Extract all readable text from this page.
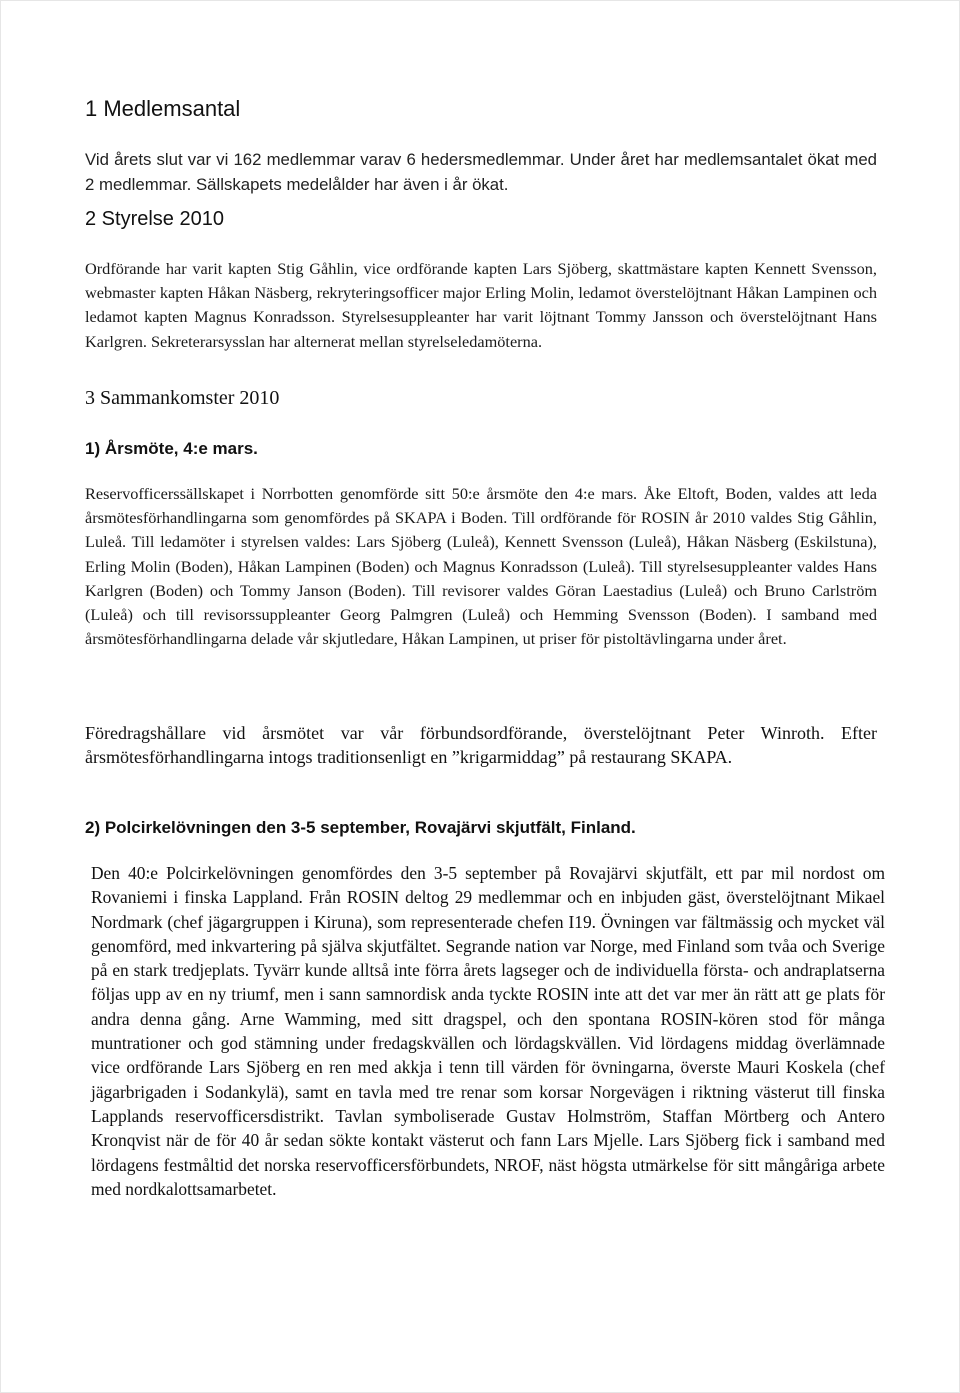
1 Medlemsantal

Vid årets slut var vi 162 medlemmar varav 6 hedersmedlemmar. Under året har medlemsantalet ökat med 2 medlemmar. Sällskapets medelålder har även i år ökat.

2 Styrelse 2010

Ordförande har varit kapten Stig Gåhlin, vice ordförande kapten Lars Sjöberg, skattmästare kapten Kennett Svensson, webmaster kapten Håkan Näsberg, rekryteringsofficer major Erling Molin, ledamot överstelöjtnant Håkan Lampinen och ledamot kapten Magnus Konradsson. Styrelsesuppleanter har varit löjtnant Tommy Jansson och överstelöjtnant Hans Karlgren. Sekreterarsysslan har alternerat mellan styrelseledamöterna.

3 Sammankomster 2010

1) Årsmöte, 4:e mars.

Reservofficerssällskapet i Norrbotten genomförde sitt 50:e årsmöte den 4:e mars. Åke Eltoft, Boden, valdes att leda årsmötesförhandlingarna som genomfördes på SKAPA i Boden. Till ordförande för ROSIN år 2010 valdes Stig Gåhlin, Luleå. Till ledamöter i styrelsen valdes: Lars Sjöberg (Luleå), Kennett Svensson (Luleå), Håkan Näsberg (Eskilstuna), Erling Molin (Boden), Håkan Lampinen (Boden) och Magnus Konradsson (Luleå). Till styrelsesuppleanter valdes Hans Karlgren (Boden) och Tommy Janson (Boden). Till revisorer valdes Göran Laestadius (Luleå) och Bruno Carlström (Luleå) och till revisorssuppleanter Georg Palmgren (Luleå) och Hemming Svensson (Boden). I samband med årsmötesförhandlingarna delade vår skjutledare, Håkan Lampinen, ut priser för pistoltävlingarna under året.

Föredragshållare vid årsmötet var vår förbundsordförande, överstelöjtnant Peter Winroth. Efter årsmötesförhandlingarna intogs traditionsenligt en ”krigarmiddag” på restaurang SKAPA.

2) Polcirkelövningen den 3-5 september, Rovajärvi skjutfält, Finland.

Den 40:e Polcirkelövningen genomfördes den 3-5 september på Rovajärvi skjutfält, ett par mil nordost om Rovaniemi i finska Lappland. Från ROSIN deltog 29 medlemmar och en inbjuden gäst, överstelöjtnant Mikael Nordmark (chef jägargruppen i Kiruna), som representerade chefen I19. Övningen var fältmässig och mycket väl genomförd, med inkvartering på själva skjutfältet. Segrande nation var Norge, med Finland som tvåa och Sverige på en stark tredjeplats. Tyvärr kunde alltså inte förra årets lagseger och de individuella första- och andraplatserna följas upp av en ny triumf, men i sann samnordisk anda tyckte ROSIN inte att det var mer än rätt att ge plats för andra denna gång. Arne Wamming, med sitt dragspel, och den spontana ROSIN-kören stod för många muntrationer och god stämning under fredagskvällen och lördagskvällen. Vid lördagens middag överlämnade vice ordförande Lars Sjöberg en ren med akkja i tenn till värden för övningarna, överste Mauri Koskela (chef jägarbrigaden i Sodankylä), samt en tavla med tre renar som korsar Norgevägen i riktning västerut till finska Lapplands reservofficersdistrikt. Tavlan symboliserade Gustav Holmström, Staffan Mörtberg och Antero Kronqvist när de för 40 år sedan sökte kontakt västerut och fann Lars Mjelle. Lars Sjöberg fick i samband med lördagens festmåltid det norska reservofficersförbundets, NROF, näst högsta utmärkelse för sitt mångåriga arbete med nordkalottsamarbetet.
